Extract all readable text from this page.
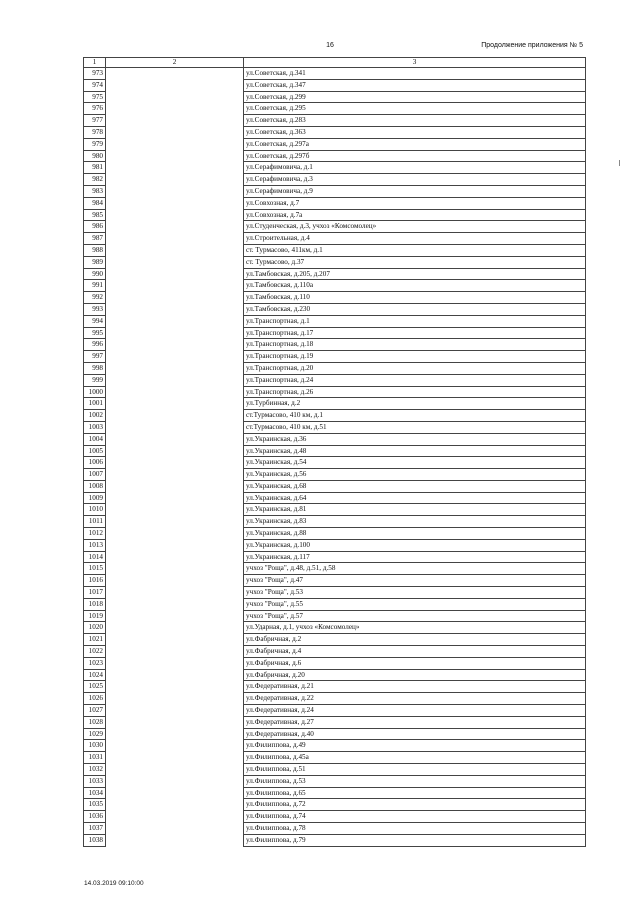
16	Продолжение приложения № 5
1	2	3
973		ул.Советская, д.341
974		ул.Советская, д.347
975		ул.Советская, д.299
976		ул.Советская, д.295
977		ул.Советская, д.283
978		ул.Советская, д.363
979		ул.Советская, д.297а
980		ул.Советская, д.297б
981		ул.Серафимовича, д.1
982		ул.Серафимовича, д.3
983		ул.Серафимовича, д.9
984		ул.Совхозная, д.7
985		ул.Совхозная, д.7а
986		ул.Студенческая, д.3, учхоз «Комсомолец»
987		ул.Строительная, д.4
988		ст. Турмасово, 411км, д.1
989		ст. Турмасово, д.37
990		ул.Тамбовская, д.205, д.207
991		ул.Тамбовская, д.110а
992		ул.Тамбовская, д.110
993		ул.Тамбовская, д.230
994		ул.Транспортная, д.1
995		ул.Транспортная, д.17
996		ул.Транспортная, д.18
997		ул.Транспортная, д.19
998		ул.Транспортная, д.20
999		ул.Транспортная, д.24
1000		ул.Транспортная, д.26
1001		ул.Турбинная, д.2
1002		ст.Турмасово, 410 км, д.1
1003		ст.Турмасово, 410 км, д.51
1004		ул.Украинская, д.36
1005		ул.Украинская, д.48
1006		ул.Украинская, д.54
1007		ул.Украинская, д.56
1008		ул.Украинская, д.68
1009		ул.Украинская, д.64
1010		ул.Украинская, д.81
1011		ул.Украинская, д.83
1012		ул.Украинская, д.88
1013		ул.Украинская, д.100
1014		ул.Украинская, д.117
1015		учхоз "Роща", д.48, д.51, д.58
1016		учхоз "Роща", д.47
1017		учхоз "Роща", д.53
1018		учхоз "Роща", д.55
1019		учхоз "Роща", д.57
1020		ул.Ударная, д.1, учхоз «Комсомолец»
1021		ул.Фабричная, д.2
1022		ул.Фабричная, д.4
1023		ул.Фабричная, д.6
1024		ул.Фабричная, д.20
1025		ул.Федеративная, д.21
1026		ул.Федеративная, д.22
1027		ул.Федеративная, д.24
1028		ул.Федеративная, д.27
1029		ул.Федеративная, д.40
1030		ул.Филиппова, д.49
1031		ул.Филиппова, д.45а
1032		ул.Филиппова, д.51
1033		ул.Филиппова, д.53
1034		ул.Филиппова, д.65
1035		ул.Филиппова, д.72
1036		ул.Филиппова, д.74
1037		ул.Филиппова, д.78
1038		ул.Филиппова, д.79
14.03.2019 09:10:00
